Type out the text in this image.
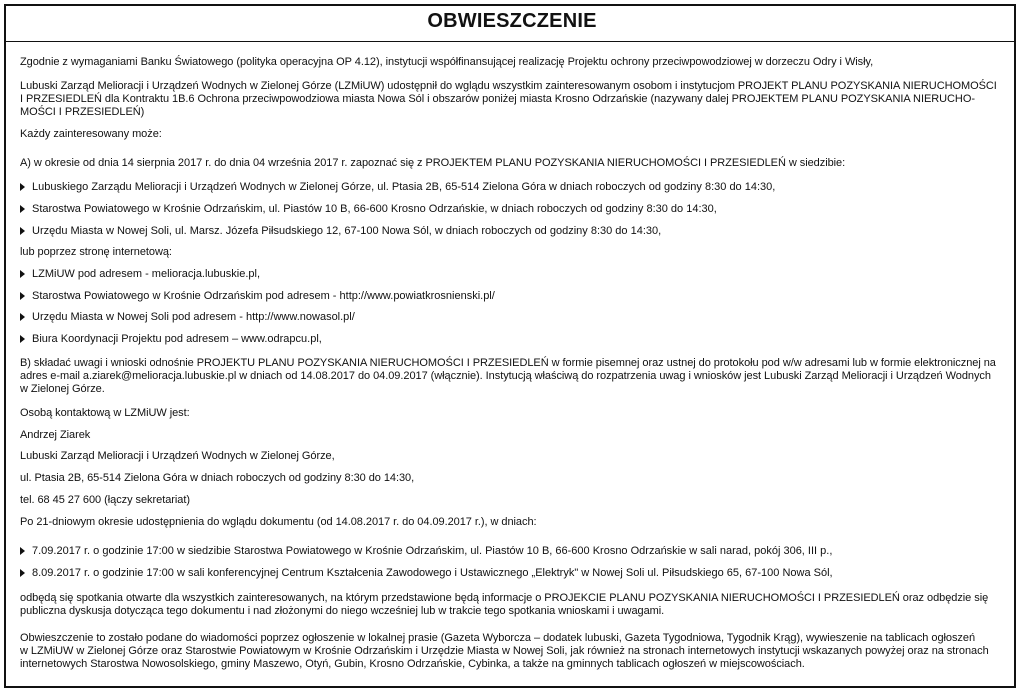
OBWIESZCZENIE
Zgodnie z wymaganiami Banku Światowego (polityka operacyjna OP 4.12), instytucji współfinansującej realizację Projektu ochrony przeciwpowodziowej w dorzeczu Odry i Wisły,
Lubuski Zarząd Melioracji i Urządzeń Wodnych w Zielonej Górze (LZMiUW) udostępnił do wglądu wszystkim zainteresowanym osobom i instytucjom PROJEKT PLANU POZYSKANIA NIERUCHOMOŚCI
I PRZESIEDLEŃ dla Kontraktu 1B.6 Ochrona przeciwpowodziowa miasta Nowa Sól i obszarów poniżej miasta Krosno Odrzańskie (nazywany dalej PROJEKTEM PLANU POZYSKANIA NIERUCHO-
MOŚCI I PRZESIEDLEŃ)
Każdy zainteresowany może:
A) w okresie od dnia 14 sierpnia 2017 r. do dnia 04 września 2017 r. zapoznać się z PROJEKTEM PLANU POZYSKANIA NIERUCHOMOŚCI I PRZESIEDLEŃ w siedzibie:
Lubuskiego Zarządu Melioracji i Urządzeń Wodnych w Zielonej Górze, ul. Ptasia 2B, 65-514 Zielona Góra w dniach roboczych od godziny 8:30 do 14:30,
Starostwa Powiatowego w Krośnie Odrzańskim, ul. Piastów 10 B, 66-600 Krosno Odrzańskie, w dniach roboczych od godziny 8:30 do 14:30,
Urzędu Miasta w Nowej Soli, ul. Marsz. Józefa Piłsudskiego 12, 67-100 Nowa Sól, w dniach roboczych od godziny 8:30 do 14:30,
lub poprzez stronę internetową:
LZMiUW pod adresem - melioracja.lubuskie.pl,
Starostwa Powiatowego w Krośnie Odrzańskim pod adresem - http://www.powiatkrosnienski.pl/
Urzędu Miasta w Nowej Soli pod adresem - http://www.nowasol.pl/
Biura Koordynacji Projektu pod adresem – www.odrapcu.pl,
B) składać uwagi i wnioski odnośnie PROJEKTU PLANU POZYSKANIA NIERUCHOMOŚCI I PRZESIEDLEŃ w formie pisemnej oraz ustnej do protokołu pod w/w adresami lub w formie elektronicznej na
adres e-mail a.ziarek@melioracja.lubuskie.pl w dniach od 14.08.2017 do 04.09.2017 (włącznie). Instytucją właściwą do rozpatrzenia uwag i wniosków jest Lubuski Zarząd Melioracji i Urządzeń Wodnych
w Zielonej Górze.
Osobą kontaktową w LZMiUW jest:
Andrzej Ziarek
Lubuski Zarząd Melioracji i Urządzeń Wodnych w Zielonej Górze,
ul. Ptasia 2B, 65-514 Zielona Góra w dniach roboczych od godziny 8:30 do 14:30,
tel. 68 45 27 600 (łączy sekretariat)
Po 21-dniowym okresie udostępnienia do wglądu dokumentu (od 14.08.2017 r. do 04.09.2017 r.), w dniach:
7.09.2017 r. o godzinie 17:00 w siedzibie Starostwa Powiatowego w Krośnie Odrzańskim, ul. Piastów 10 B, 66-600 Krosno Odrzańskie w sali narad, pokój 306, III p.,
8.09.2017 r. o godzinie 17:00 w sali konferencyjnej Centrum Kształcenia Zawodowego i Ustawicznego „Elektryk" w Nowej Soli ul. Piłsudskiego 65, 67-100 Nowa Sól,
odbędą się spotkania otwarte dla wszystkich zainteresowanych, na którym przedstawione będą informacje o PROJEKCIE PLANU POZYSKANIA NIERUCHOMOŚCI I PRZESIEDLEŃ oraz odbędzie się
publiczna dyskusja dotycząca tego dokumentu i nad złożonymi do niego wcześniej lub w trakcie tego spotkania wnioskami i uwagami.
Obwieszczenie to zostało podane do wiadomości poprzez ogłoszenie w lokalnej prasie (Gazeta Wyborcza – dodatek lubuski, Gazeta Tygodniowa, Tygodnik Krąg), wywieszenie na tablicach ogłoszeń
w LZMiUW w Zielonej Górze oraz Starostwie Powiatowym w Krośnie Odrzańskim i Urzędzie Miasta w Nowej Soli, jak również na stronach internetowych instytucji wskazanych powyżej oraz na stronach
internetowych Starostwa Nowosolskiego, gminy Maszewo, Otyń, Gubin, Krosno Odrzańskie, Cybinka, a także na gminnych tablicach ogłoszeń w miejscowościach.
